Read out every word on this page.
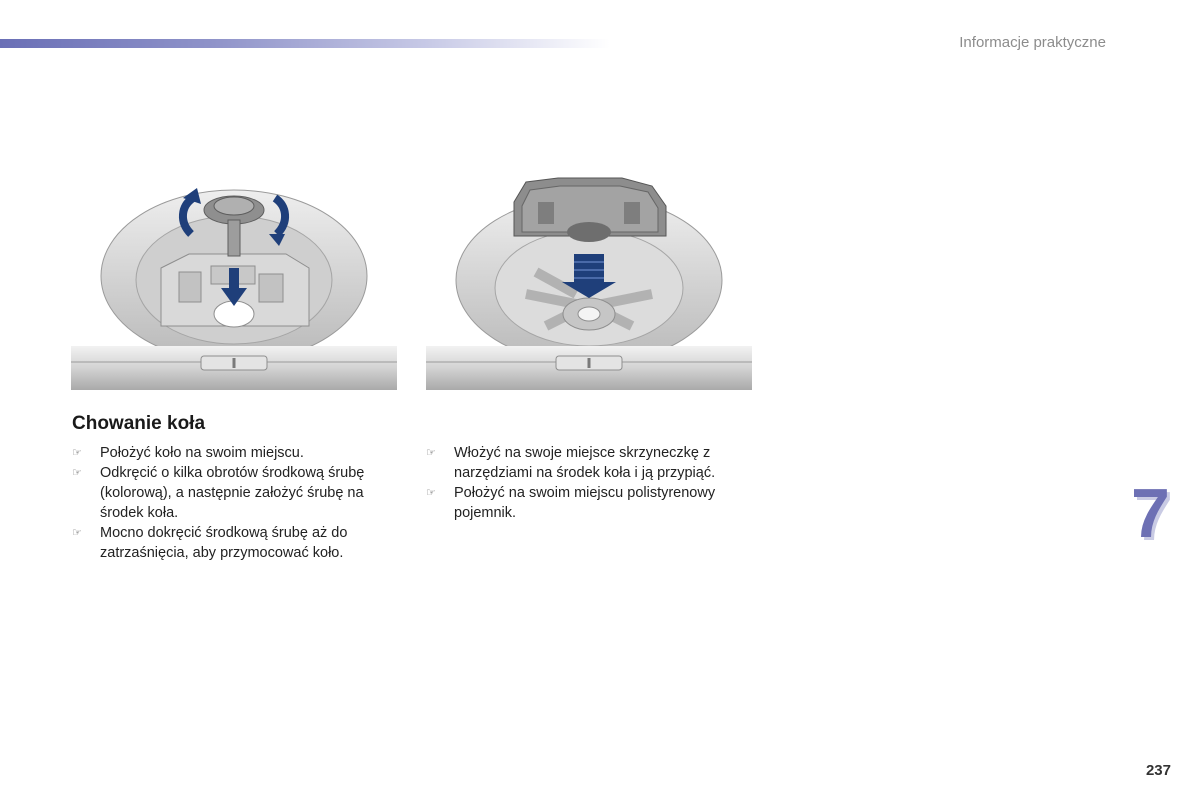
Informacje praktyczne
Chowanie koła
☞ Położyć koło na swoim miejscu.
☞ Odkręcić o kilka obrotów środkową śrubę (kolorową), a następnie założyć śrubę na środek koła.
☞ Mocno dokręcić środkową śrubę aż do zatrzaśnięcia, aby przymocować koło.
☞ Włożyć na swoje miejsce skrzyneczkę z narzędziami na środek koła i ją przypiąć.
☞ Położyć na swoim miejscu polistyrenowy pojemnik.	7
237
